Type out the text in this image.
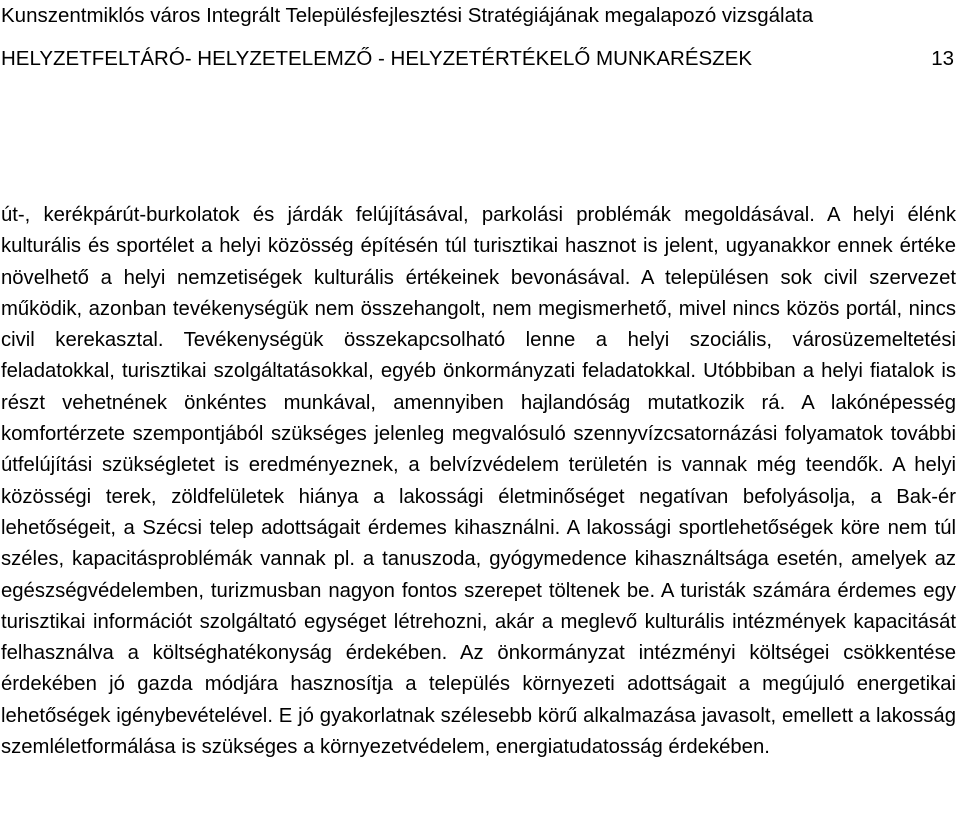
Kunszentmiklós város Integrált Településfejlesztési Stratégiájának megalapozó vizsgálata
HELYZETFELTÁRÓ- HELYZETELEMZŐ - HELYZETÉRTÉKELŐ MUNKARÉSZEK	13

út-, kerékpárút-burkolatok és járdák felújításával, parkolási problémák megoldásával. A helyi élénk kulturális és sportélet a helyi közösség építésén túl turisztikai hasznot is jelent, ugyanakkor ennek értéke növelhető a helyi nemzetiségek kulturális értékeinek bevonásával. A településen sok civil szervezet működik, azonban tevékenységük nem összehangolt, nem megismerhető, mivel nincs közös portál, nincs civil kerekasztal. Tevékenységük összekapcsolható lenne a helyi szociális, városüzemeltetési feladatokkal, turisztikai szolgáltatásokkal, egyéb önkormányzati feladatokkal. Utóbbiban a helyi fiatalok is részt vehetnének önkéntes munkával, amennyiben hajlandóság mutatkozik rá. A lakónépesség komfortérzete szempontjából szükséges jelenleg megvalósuló szennyvízcsatornázási folyamatok további útfelújítási szükségletet is eredményeznek, a belvízvédelem területén is vannak még teendők. A helyi közösségi terek, zöldfelületek hiánya a lakossági életminőséget negatívan befolyásolja, a Bak-ér lehetőségeit, a Szécsi telep adottságait érdemes kihasználni. A lakossági sportlehetőségek köre nem túl széles, kapacitásproblémák vannak pl. a tanuszoda, gyógymedence kihasználtsága esetén, amelyek az egészségvédelemben, turizmusban nagyon fontos szerepet töltenek be. A turisták számára érdemes egy turisztikai információt szolgáltató egységet létrehozni, akár a meglevő kulturális intézmények kapacitását felhasználva a költséghatékonyság érdekében. Az önkormányzat intézményi költségei csökkentése érdekében jó gazda módjára hasznosítja a település környezeti adottságait a megújuló energetikai lehetőségek igénybevételével. E jó gyakorlatnak szélesebb körű alkalmazása javasolt, emellett a lakosság szemléletformálása is szükséges a környezetvédelem, energiatudatosság érdekében.
